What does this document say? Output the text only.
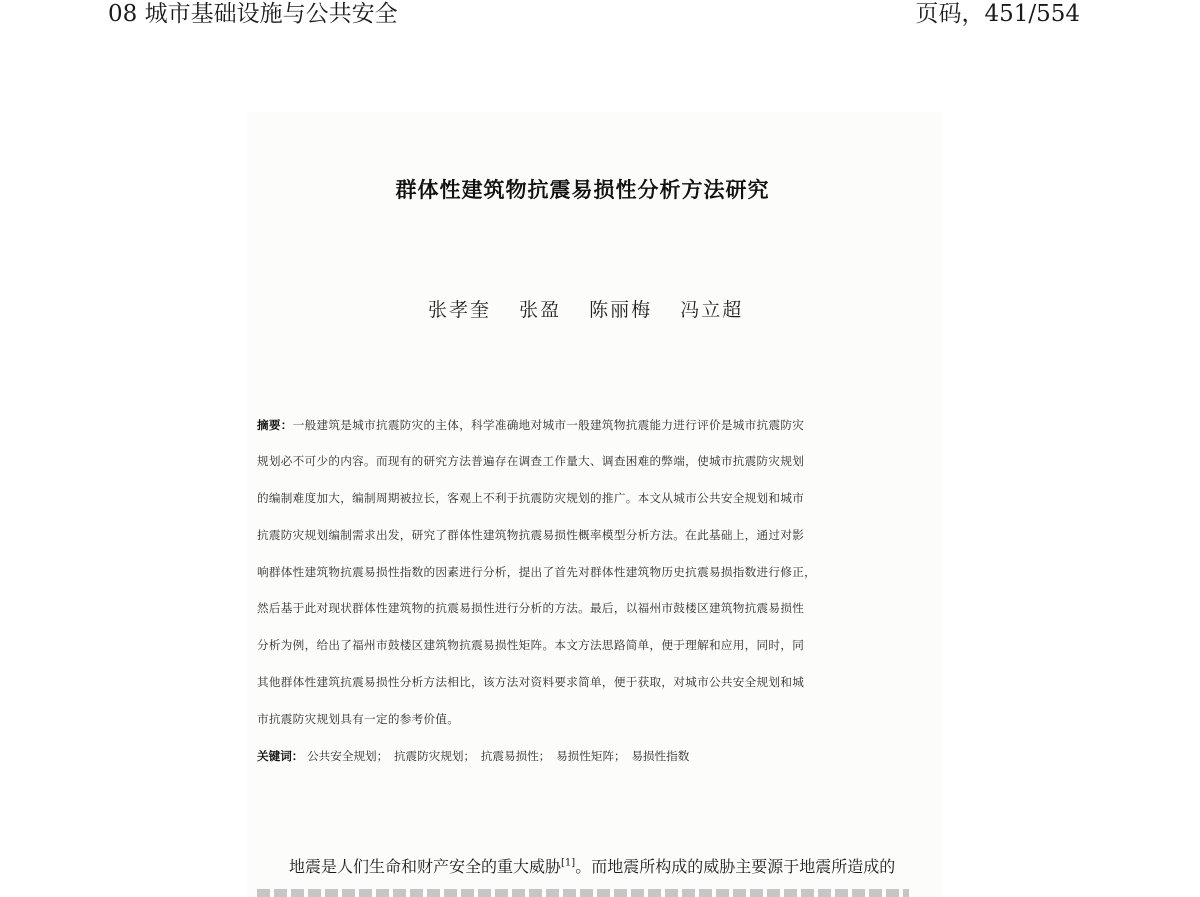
08 城市基础设施与公共安全	页码，451/554
群体性建筑物抗震易损性分析方法研究
张孝奎 张盈 陈丽梅 冯立超
摘要：一般建筑是城市抗震防灾的主体，科学准确地对城市一般建筑物抗震能力进行评价是城市抗震防灾
规划必不可少的内容。而现有的研究方法普遍存在调查工作量大、调查困难的弊端，使城市抗震防灾规划
的编制难度加大，编制周期被拉长，客观上不利于抗震防灾规划的推广。本文从城市公共安全规划和城市
抗震防灾规划编制需求出发，研究了群体性建筑物抗震易损性概率模型分析方法。在此基础上，通过对影
响群体性建筑物抗震易损性指数的因素进行分析，提出了首先对群体性建筑物历史抗震易损指数进行修正，
然后基于此对现状群体性建筑物的抗震易损性进行分析的方法。最后，以福州市鼓楼区建筑物抗震易损性
分析为例，给出了福州市鼓楼区建筑物抗震易损性矩阵。本文方法思路简单，便于理解和应用，同时，同
其他群体性建筑抗震易损性分析方法相比，该方法对资料要求简单，便于获取，对城市公共安全规划和城
市抗震防灾规划具有一定的参考价值。
关键词： 公共安全规划； 抗震防灾规划； 抗震易损性； 易损性矩阵； 易损性指数
地震是人们生命和财产安全的重大威胁[1]。而地震所构成的威胁主要源于地震所造成的
